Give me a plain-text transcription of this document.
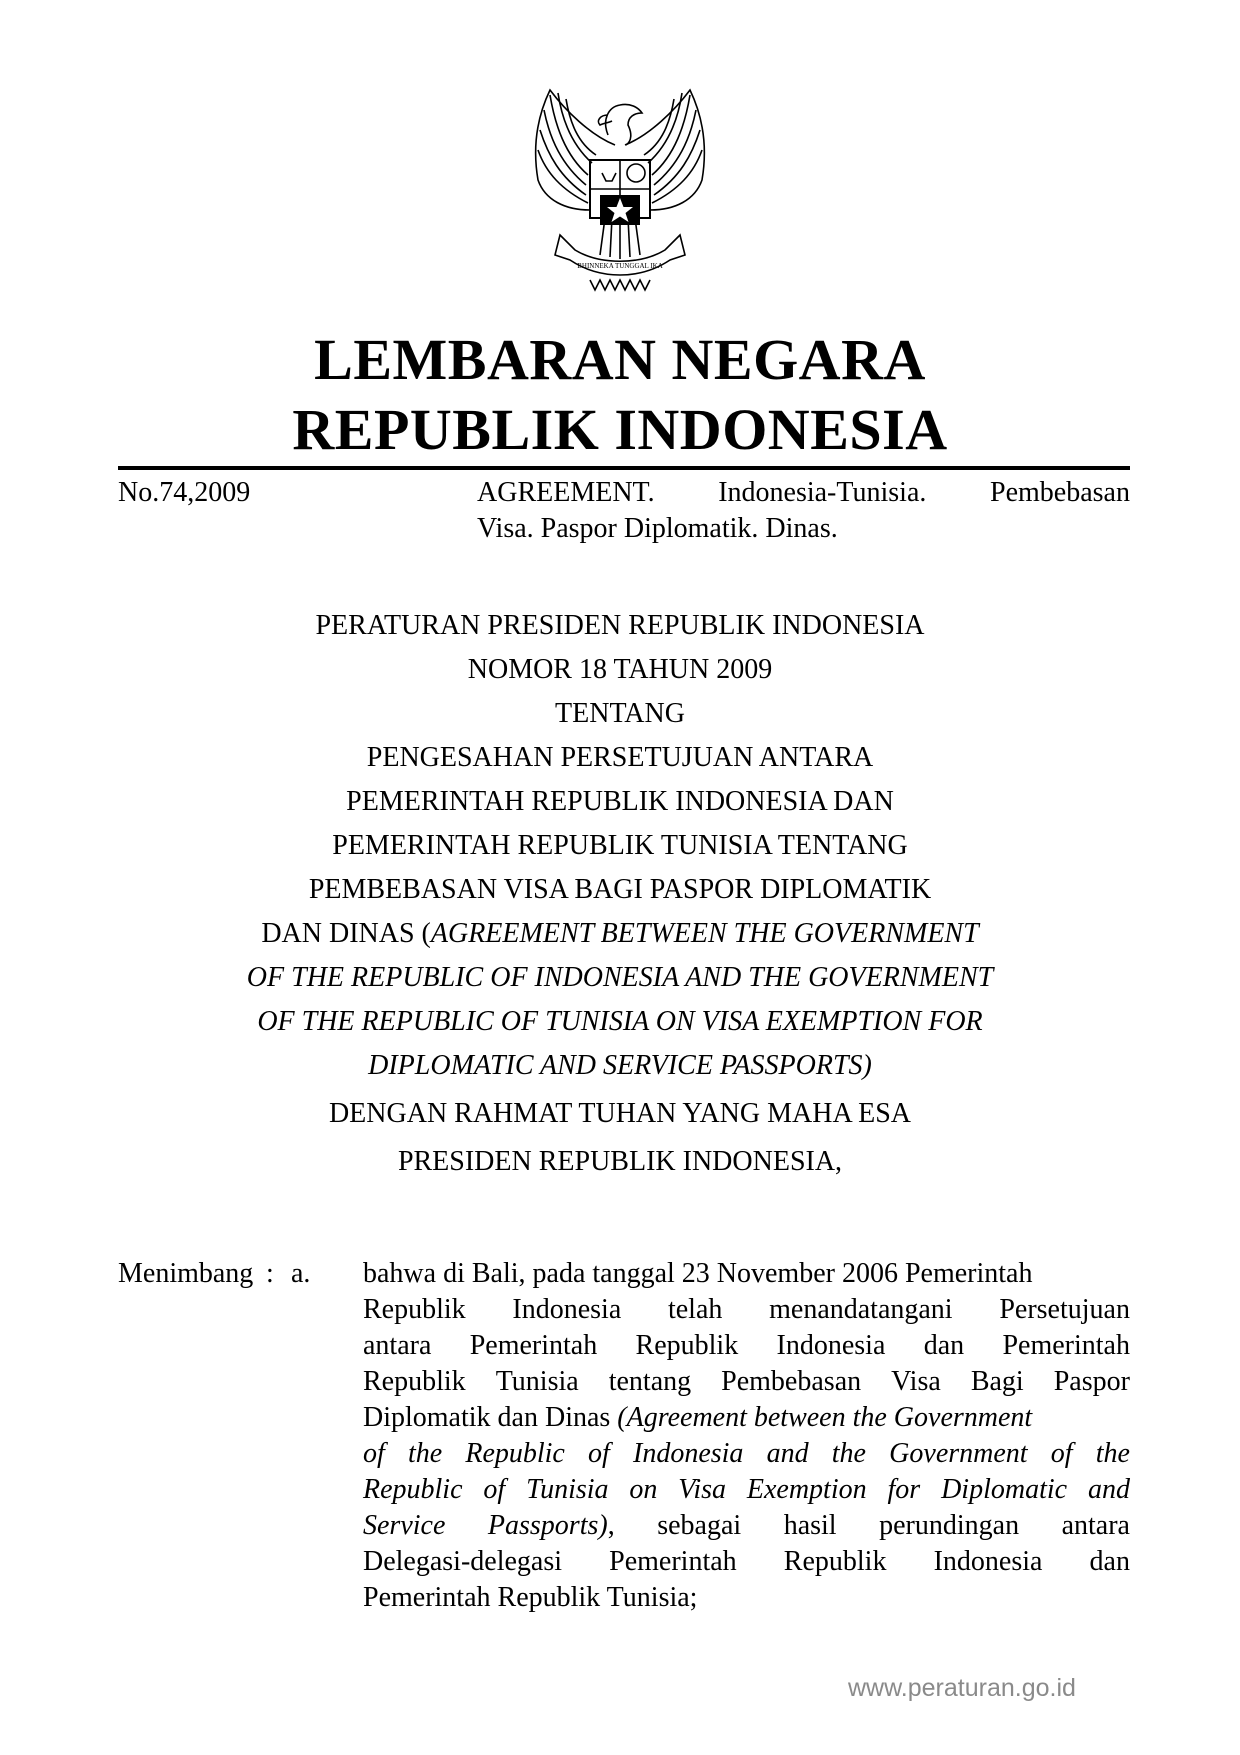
BHINNEKA TUNGGAL IKA
LEMBARAN NEGARA
REPUBLIK INDONESIA
No.74,2009	AGREEMENT. Indonesia-Tunisia. Pembebasan
Visa. Paspor Diplomatik. Dinas.
PERATURAN PRESIDEN REPUBLIK INDONESIA
NOMOR 18 TAHUN 2009
TENTANG
PENGESAHAN PERSETUJUAN ANTARA
PEMERINTAH REPUBLIK INDONESIA DAN
PEMERINTAH REPUBLIK TUNISIA TENTANG
PEMBEBASAN VISA BAGI PASPOR DIPLOMATIK
DAN DINAS (AGREEMENT BETWEEN THE GOVERNMENT
OF THE REPUBLIC OF INDONESIA AND THE GOVERNMENT
OF THE REPUBLIC OF TUNISIA ON VISA EXEMPTION FOR
DIPLOMATIC AND SERVICE PASSPORTS)
DENGAN RAHMAT TUHAN YANG MAHA ESA
PRESIDEN REPUBLIK INDONESIA,
Menimbang : a. bahwa di Bali, pada tanggal 23 November 2006 Pemerintah
Republik Indonesia telah menandatangani Persetujuan
antara Pemerintah Republik Indonesia dan Pemerintah
Republik Tunisia tentang Pembebasan Visa Bagi Paspor
Diplomatik dan Dinas (Agreement between the Government
of the Republic of Indonesia and the Government of the
Republic of Tunisia on Visa Exemption for Diplomatic and
Service Passports), sebagai hasil perundingan antara
Delegasi-delegasi Pemerintah Republik Indonesia dan
Pemerintah Republik Tunisia;
www.peraturan.go.id
